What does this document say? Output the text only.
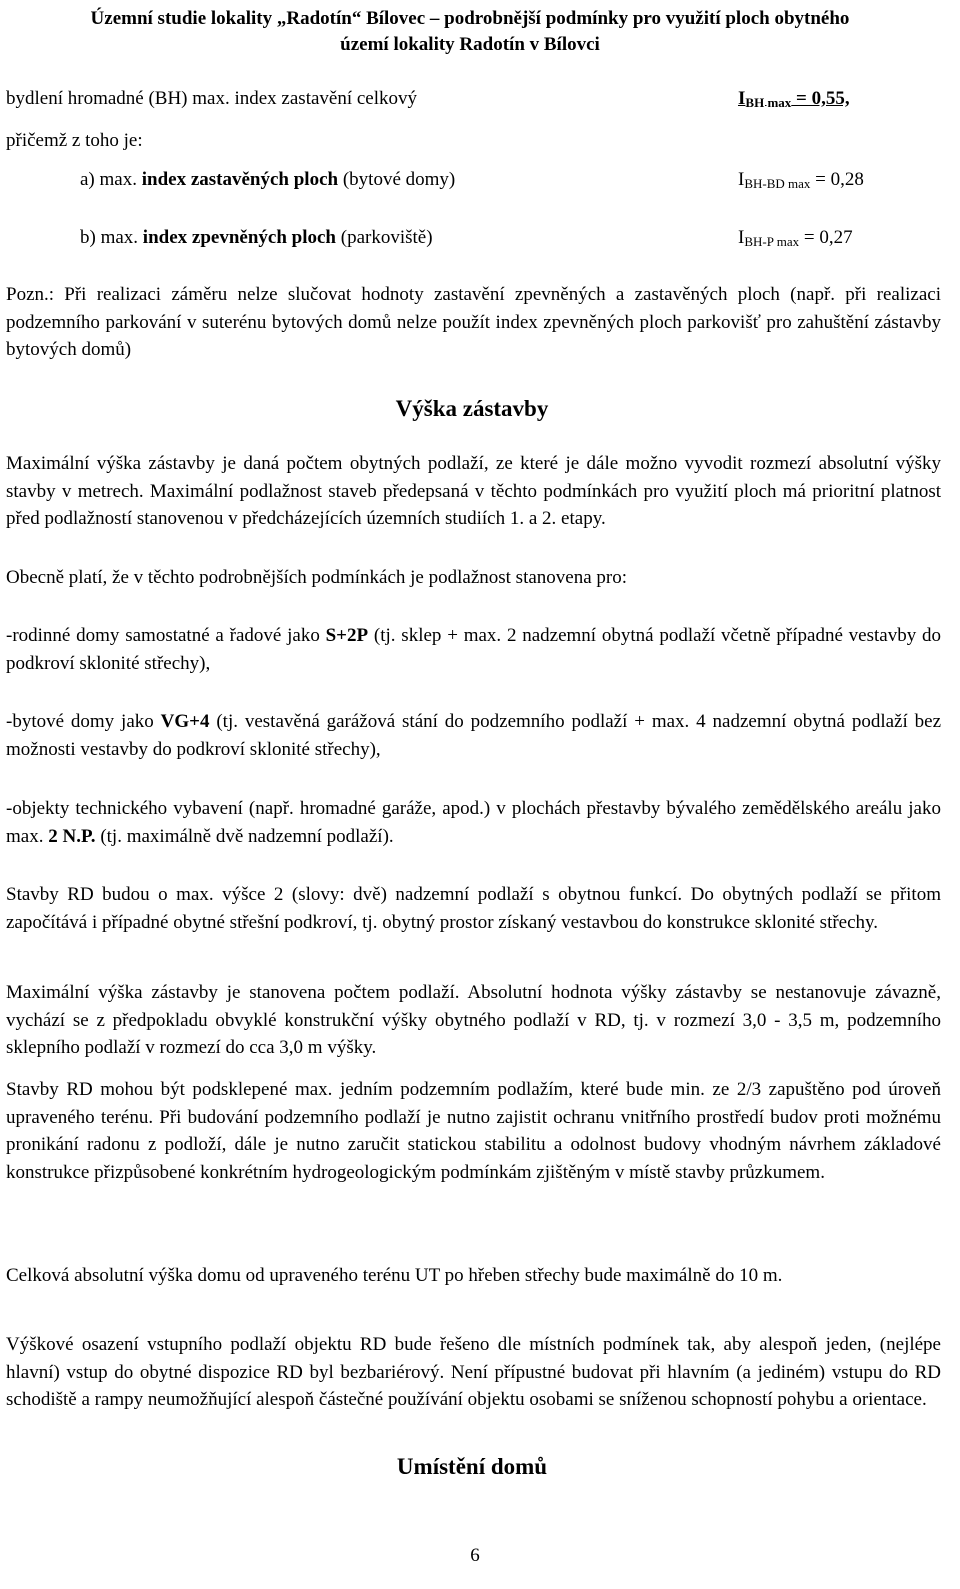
Územní studie lokality „Radotín“ Bílovec – podrobnější podmínky pro využití ploch obytného
území lokality Radotín v Bílovci
bydlení hromadné (BH) max. index zastavění celkový	$I_{BH max} = 0,55$,
přičemž z toho je:
a) max. index zastavěných ploch (bytové domy)	$I_{BH-BD max} = 0,28$
b) max. index zpevněných ploch (parkoviště)	$I_{BH-P max} = 0,27$
Pozn.: Při realizaci záměru nelze slučovat hodnoty zastavění zpevněných a zastavěných ploch (např. při realizaci podzemního parkování v suterénu bytových domů nelze použít index zpevněných ploch parkovišť pro zahuštění zástavby bytových domů)
Výška zástavby
Maximální výška zástavby je daná počtem obytných podlaží, ze které je dále možno vyvodit rozmezí absolutní výšky stavby v metrech. Maximální podlažnost staveb předepsaná v těchto podmínkách pro využití ploch má prioritní platnost před podlažností stanovenou v předcházejících územních studiích 1. a 2. etapy.
Obecně platí, že v těchto podrobnějších podmínkách je podlažnost stanovena pro:
-rodinné domy samostatné a řadové jako S+2P (tj. sklep + max. 2 nadzemní obytná podlaží včetně případné vestavby do podkroví sklonité střechy),
-bytové domy jako VG+4 (tj. vestavěná garážová stání do podzemního podlaží + max. 4 nadzemní obytná podlaží bez možnosti vestavby do podkroví sklonité střechy),
-objekty technického vybavení (např. hromadné garáže, apod.) v plochách přestavby bývalého zemědělského areálu jako max. 2 N.P. (tj. maximálně dvě nadzemní podlaží).
Stavby RD budou o max. výšce 2 (slovy: dvě) nadzemní podlaží s obytnou funkcí. Do obytných podlaží se přitom započítává i případné obytné střešní podkroví, tj. obytný prostor získaný vestavbou do konstrukce sklonité střechy.
Maximální výška zástavby je stanovena počtem podlaží. Absolutní hodnota výšky zástavby se nestanovuje závazně, vychází se z předpokladu obvyklé konstrukční výšky obytného podlaží v RD, tj. v rozmezí 3,0 - 3,5 m, podzemního sklepního podlaží v rozmezí do cca 3,0 m výšky.
Stavby RD mohou být podsklepené max. jedním podzemním podlažím, které bude min. ze 2/3 zapuštěno pod úroveň upraveného terénu. Při budování podzemního podlaží je nutno zajistit ochranu vnitřního prostředí budov proti možnému pronikání radonu z podloží, dále je nutno zaručit statickou stabilitu a odolnost budovy vhodným návrhem základové konstrukce přizpůsobené konkrétním hydrogeologickým podmínkám zjištěným v místě stavby průzkumem.
Celková absolutní výška domu od upraveného terénu UT po hřeben střechy bude maximálně do 10 m.
Výškové osazení vstupního podlaží objektu RD bude řešeno dle místních podmínek tak, aby alespoň jeden, (nejlépe hlavní) vstup do obytné dispozice RD byl bezbariérový. Není přípustné budovat při hlavním (a jediném) vstupu do RD schodiště a rampy neumožňující alespoň částečné používání objektu osobami se sníženou schopností pohybu a orientace.
Umístění domů
6
